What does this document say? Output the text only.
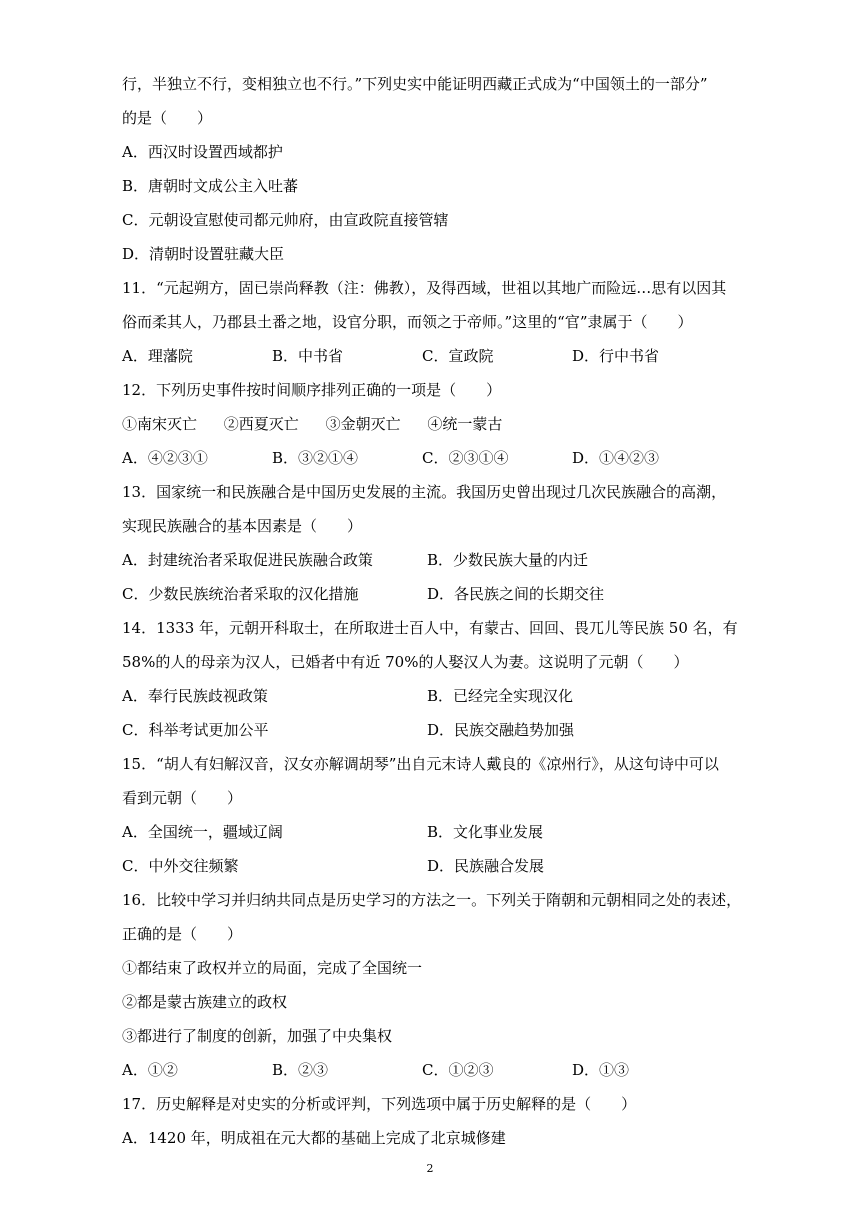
行，半独立不行，变相独立也不行。”下列史实中能证明西藏正式成为“中国领土的一部分”
的是（　　）
A．西汉时设置西域都护
B．唐朝时文成公主入吐蕃
C．元朝设宣慰使司都元帅府，由宣政院直接管辖
D．清朝时设置驻藏大臣
11．“元起朔方，固已崇尚释教（注：佛教），及得西域，世祖以其地广而险远…思有以因其
俗而柔其人，乃郡县土番之地，设官分职，而领之于帝师。”这里的“官”隶属于（　　）
A．理藩院	B．中书省	C．宣政院	D．行中书省
12．下列历史事件按时间顺序排列正确的一项是（　　）
①南宋灭亡 ②西夏灭亡 ③金朝灭亡 ④统一蒙古
A．④②③①	B．③②①④	C．②③①④	D．①④②③
13．国家统一和民族融合是中国历史发展的主流。我国历史曾出现过几次民族融合的高潮，
实现民族融合的基本因素是（　　）
A．封建统治者采取促进民族融合政策	B．少数民族大量的内迁
C．少数民族统治者采取的汉化措施	D．各民族之间的长期交往
14．1333 年，元朝开科取士，在所取进士百人中，有蒙古、回回、畏兀儿等民族 50 名，有
58%的人的母亲为汉人，已婚者中有近 70%的人娶汉人为妻。这说明了元朝（　　）
A．奉行民族歧视政策	B．已经完全实现汉化
C．科举考试更加公平	D．民族交融趋势加强
15．“胡人有妇解汉音，汉女亦解调胡琴”出自元末诗人戴良的《凉州行》，从这句诗中可以
看到元朝（　　）
A．全国统一，疆域辽阔	B．文化事业发展
C．中外交往频繁	D．民族融合发展
16．比较中学习并归纳共同点是历史学习的方法之一。下列关于隋朝和元朝相同之处的表述，
正确的是（　　）
①都结束了政权并立的局面，完成了全国统一
②都是蒙古族建立的政权
③都进行了制度的创新，加强了中央集权
A．①②	B．②③	C．①②③	D．①③
17．历史解释是对史实的分析或评判，下列选项中属于历史解释的是（　　）
A．1420 年，明成祖在元大都的基础上完成了北京城修建
2
